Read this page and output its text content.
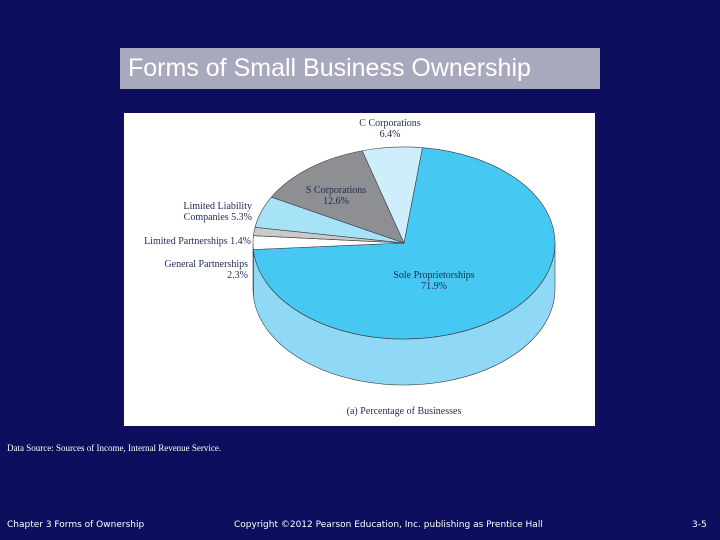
Forms of Small Business Ownership
Sole Proprietorships
71.9%
General Partnerships
2.3%
Limited Partnerships 1.4%
Limited Liability
Companies 5.3%
S Corporations
12.6%
C Corporations
6.4%
(a) Percentage of Businesses
Data Source: Sources of Income, Internal Revenue Service.
Chapter 3 Forms of Ownership	Copyright ©2012 Pearson Education, Inc. publishing as Prentice Hall	3-5
